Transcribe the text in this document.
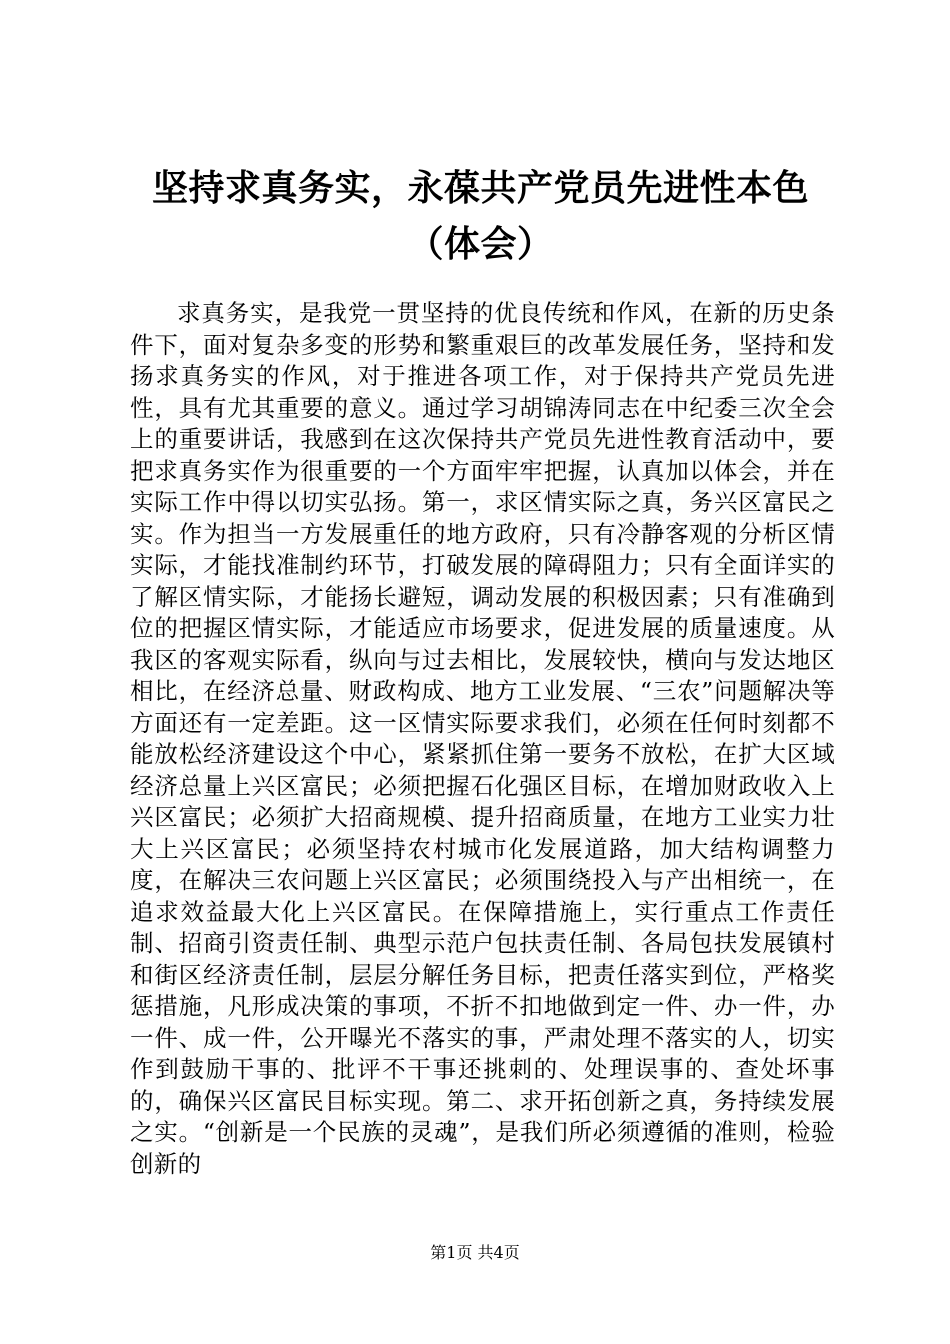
坚持求真务实，永葆共产党员先进性本色（体会）

求真务实，是我党一贯坚持的优良传统和作风，在新的历史条件下，面对复杂多变的形势和繁重艰巨的改革发展任务，坚持和发扬求真务实的作风，对于推进各项工作，对于保持共产党员先进性，具有尤其重要的意义。通过学习胡锦涛同志在中纪委三次全会上的重要讲话，我感到在这次保持共产党员先进性教育活动中，要把求真务实作为很重要的一个方面牢牢把握，认真加以体会，并在实际工作中得以切实弘扬。第一，求区情实际之真，务兴区富民之实。作为担当一方发展重任的地方政府，只有冷静客观的分析区情实际，才能找准制约环节，打破发展的障碍阻力；只有全面详实的了解区情实际，才能扬长避短，调动发展的积极因素；只有准确到位的把握区情实际，才能适应市场要求，促进发展的质量速度。从我区的客观实际看，纵向与过去相比，发展较快，横向与发达地区相比，在经济总量、财政构成、地方工业发展、“三农”问题解决等方面还有一定差距。这一区情实际要求我们，必须在任何时刻都不能放松经济建设这个中心，紧紧抓住第一要务不放松，在扩大区域经济总量上兴区富民；必须把握石化强区目标，在增加财政收入上兴区富民；必须扩大招商规模、提升招商质量，在地方工业实力壮大上兴区富民；必须坚持农村城市化发展道路，加大结构调整力度，在解决三农问题上兴区富民；必须围绕投入与产出相统一，在追求效益最大化上兴区富民。在保障措施上，实行重点工作责任制、招商引资责任制、典型示范户包扶责任制、各局包扶发展镇村和街区经济责任制，层层分解任务目标，把责任落实到位，严格奖惩措施，凡形成决策的事项，不折不扣地做到定一件、办一件，办一件、成一件，公开曝光不落实的事，严肃处理不落实的人，切实作到鼓励干事的、批评不干事还挑刺的、处理误事的、查处坏事的，确保兴区富民目标实现。第二、求开拓创新之真，务持续发展之实。“创新是一个民族的灵魂”，是我们所必须遵循的准则，检验创新的

第1页 共4页
